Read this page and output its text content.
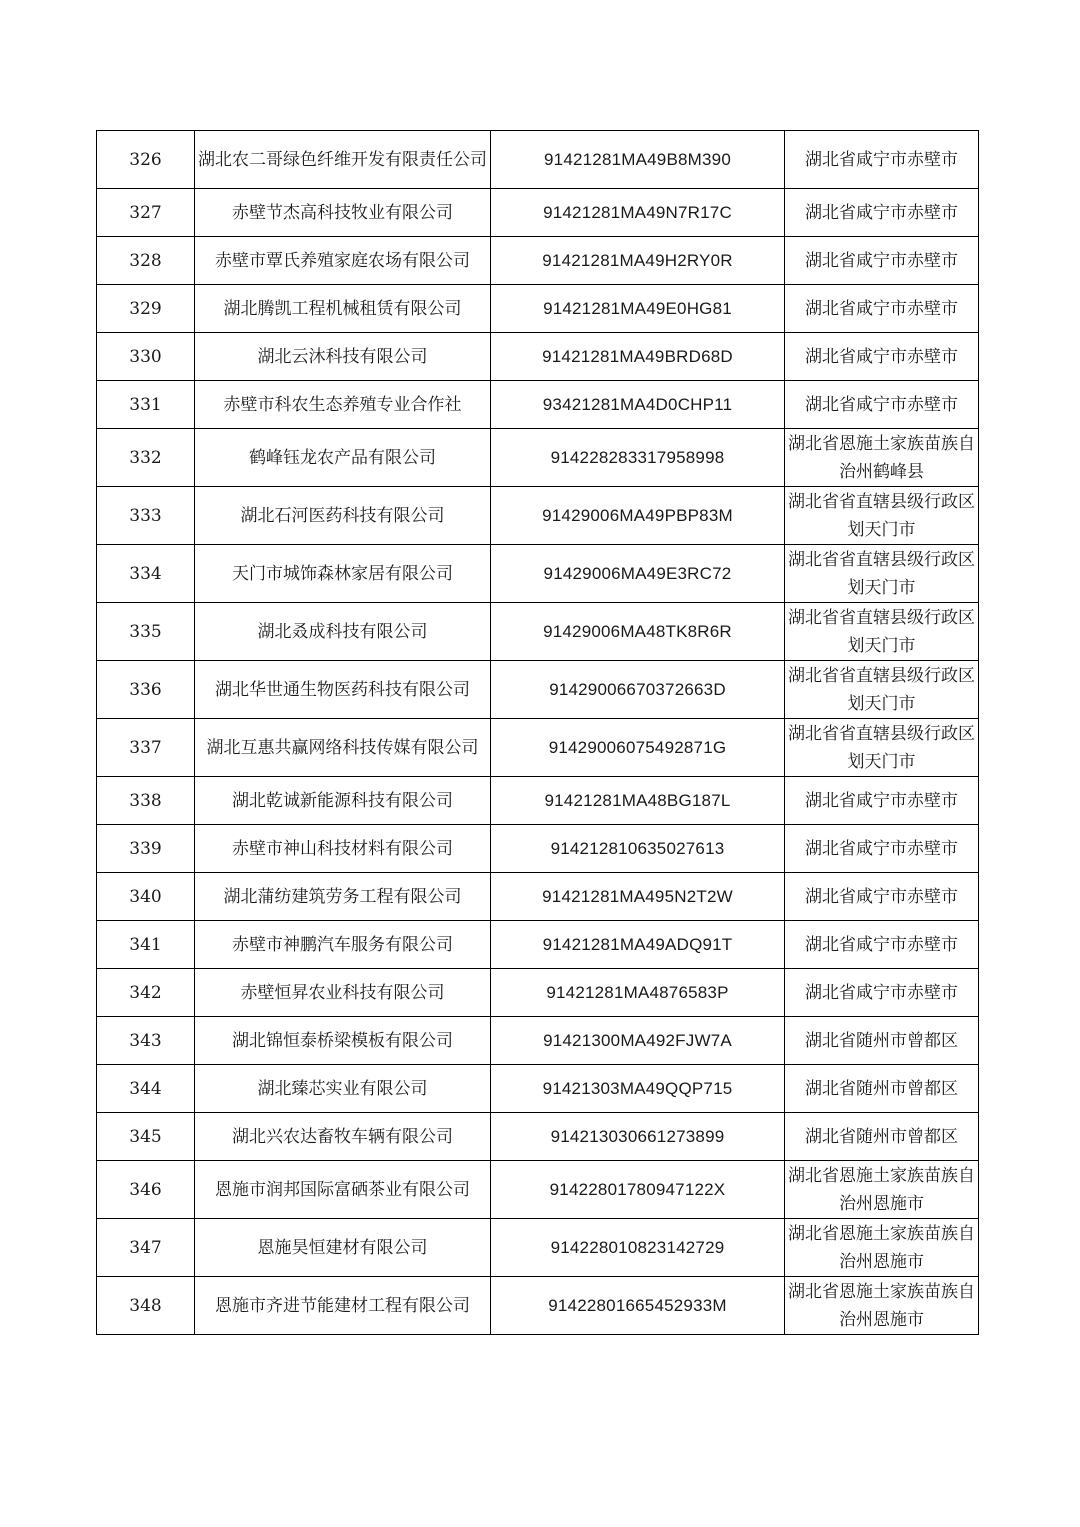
326	湖北农二哥绿色纤维开发有限责任公司	91421281MA49B8M390	湖北省咸宁市赤壁市
327	赤壁节杰高科技牧业有限公司	91421281MA49N7R17C	湖北省咸宁市赤壁市
328	赤壁市覃氏养殖家庭农场有限公司	91421281MA49H2RY0R	湖北省咸宁市赤壁市
329	湖北腾凯工程机械租赁有限公司	91421281MA49E0HG81	湖北省咸宁市赤壁市
330	湖北云沐科技有限公司	91421281MA49BRD68D	湖北省咸宁市赤壁市
331	赤壁市科农生态养殖专业合作社	93421281MA4D0CHP11	湖北省咸宁市赤壁市
332	鹤峰钰龙农产品有限公司	914228283317958998	湖北省恩施土家族苗族自治州鹤峰县
333	湖北石河医药科技有限公司	91429006MA49PBP83M	湖北省省直辖县级行政区划天门市
334	天门市城饰森林家居有限公司	91429006MA49E3RC72	湖北省省直辖县级行政区划天门市
335	湖北叒成科技有限公司	91429006MA48TK8R6R	湖北省省直辖县级行政区划天门市
336	湖北华世通生物医药科技有限公司	91429006670372663D	湖北省省直辖县级行政区划天门市
337	湖北互惠共赢网络科技传媒有限公司	91429006075492871G	湖北省省直辖县级行政区划天门市
338	湖北乾诚新能源科技有限公司	91421281MA48BG187L	湖北省咸宁市赤壁市
339	赤壁市神山科技材料有限公司	914212810635027613	湖北省咸宁市赤壁市
340	湖北蒲纺建筑劳务工程有限公司	91421281MA495N2T2W	湖北省咸宁市赤壁市
341	赤壁市神鹏汽车服务有限公司	91421281MA49ADQ91T	湖北省咸宁市赤壁市
342	赤壁恒昇农业科技有限公司	91421281MA4876583P	湖北省咸宁市赤壁市
343	湖北锦恒泰桥梁模板有限公司	91421300MA492FJW7A	湖北省随州市曾都区
344	湖北臻芯实业有限公司	91421303MA49QQP715	湖北省随州市曾都区
345	湖北兴农达畜牧车辆有限公司	914213030661273899	湖北省随州市曾都区
346	恩施市润邦国际富硒茶业有限公司	91422801780947122X	湖北省恩施土家族苗族自治州恩施市
347	恩施昊恒建材有限公司	914228010823142729	湖北省恩施土家族苗族自治州恩施市
348	恩施市齐进节能建材工程有限公司	91422801665452933M	湖北省恩施土家族苗族自治州恩施市
